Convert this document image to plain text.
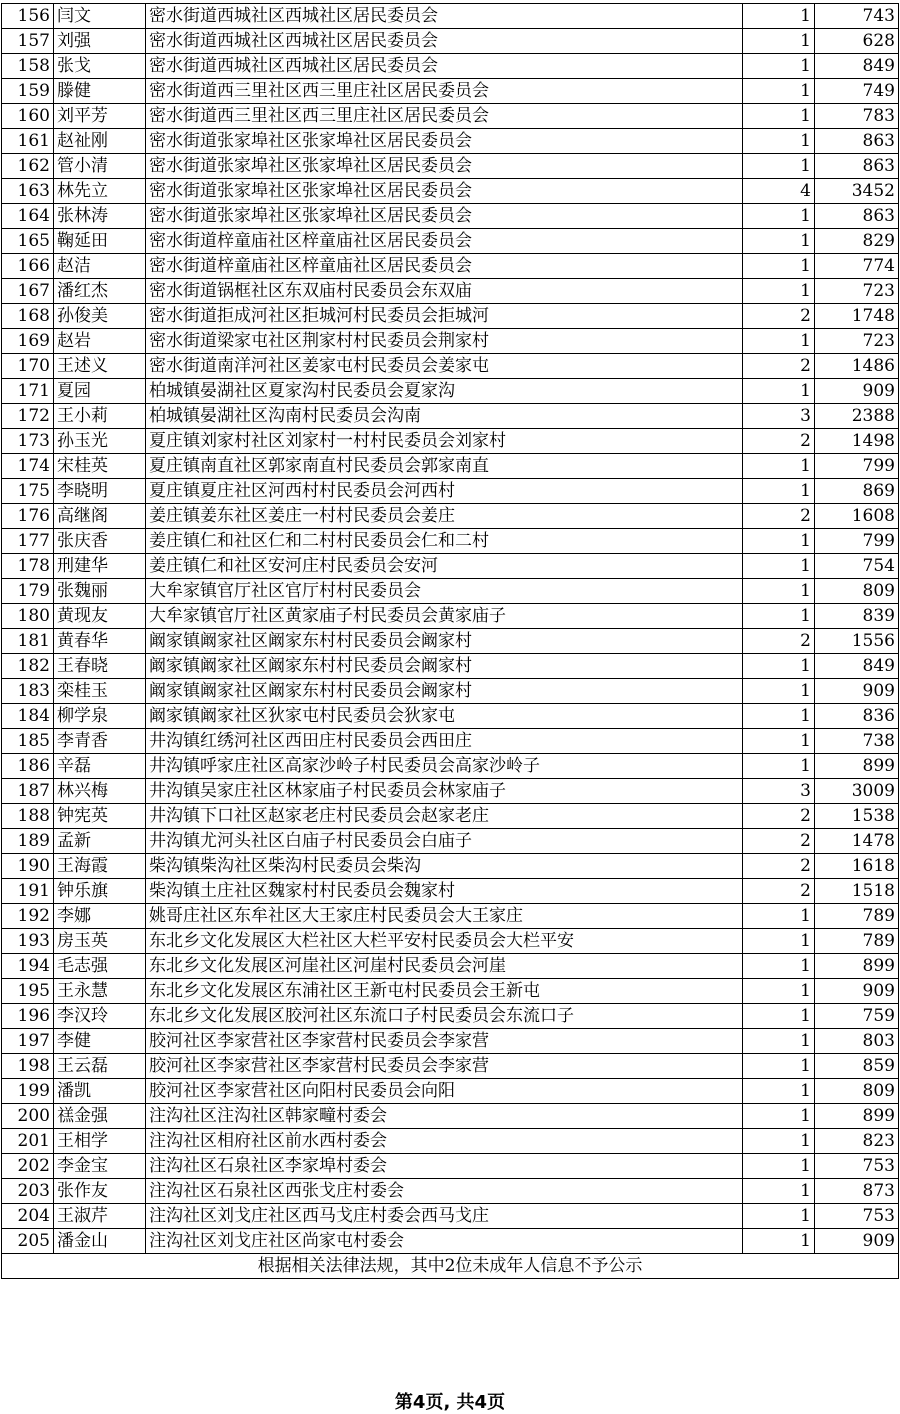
156	闫文	密水街道西城社区西城社区居民委员会	1	743
157	刘强	密水街道西城社区西城社区居民委员会	1	628
158	张戈	密水街道西城社区西城社区居民委员会	1	849
159	滕健	密水街道西三里社区西三里庄社区居民委员会	1	749
160	刘平芳	密水街道西三里社区西三里庄社区居民委员会	1	783
161	赵祉刚	密水街道张家埠社区张家埠社区居民委员会	1	863
162	管小清	密水街道张家埠社区张家埠社区居民委员会	1	863
163	林先立	密水街道张家埠社区张家埠社区居民委员会	4	3452
164	张林涛	密水街道张家埠社区张家埠社区居民委员会	1	863
165	鞠延田	密水街道梓童庙社区梓童庙社区居民委员会	1	829
166	赵洁	密水街道梓童庙社区梓童庙社区居民委员会	1	774
167	潘红杰	密水街道锅框社区东双庙村民委员会东双庙	1	723
168	孙俊美	密水街道拒成河社区拒城河村民委员会拒城河	2	1748
169	赵岩	密水街道梁家屯社区荆家村村民委员会荆家村	1	723
170	王述义	密水街道南洋河社区姜家屯村民委员会姜家屯	2	1486
171	夏园	柏城镇晏湖社区夏家沟村民委员会夏家沟	1	909
172	王小莉	柏城镇晏湖社区沟南村民委员会沟南	3	2388
173	孙玉光	夏庄镇刘家村社区刘家村一村村民委员会刘家村	2	1498
174	宋桂英	夏庄镇南直社区郭家南直村民委员会郭家南直	1	799
175	李晓明	夏庄镇夏庄社区河西村村民委员会河西村	1	869
176	高继阁	姜庄镇姜东社区姜庄一村村民委员会姜庄	2	1608
177	张庆香	姜庄镇仁和社区仁和二村村民委员会仁和二村	1	799
178	刑建华	姜庄镇仁和社区安河庄村民委员会安河	1	754
179	张魏丽	大牟家镇官厅社区官厅村村民委员会	1	809
180	黄现友	大牟家镇官厅社区黄家庙子村民委员会黄家庙子	1	839
181	黄春华	阚家镇阚家社区阚家东村村民委员会阚家村	2	1556
182	王春晓	阚家镇阚家社区阚家东村村民委员会阚家村	1	849
183	栾桂玉	阚家镇阚家社区阚家东村村民委员会阚家村	1	909
184	柳学泉	阚家镇阚家社区狄家屯村民委员会狄家屯	1	836
185	李青香	井沟镇红绣河社区西田庄村民委员会西田庄	1	738
186	辛磊	井沟镇呼家庄社区高家沙岭子村民委员会高家沙岭子	1	899
187	林兴梅	井沟镇吴家庄社区林家庙子村民委员会林家庙子	3	3009
188	钟宪英	井沟镇下口社区赵家老庄村民委员会赵家老庄	2	1538
189	孟新	井沟镇尤河头社区白庙子村民委员会白庙子	2	1478
190	王海霞	柴沟镇柴沟社区柴沟村民委员会柴沟	2	1618
191	钟乐旗	柴沟镇土庄社区魏家村村民委员会魏家村	2	1518
192	李娜	姚哥庄社区东牟社区大王家庄村民委员会大王家庄	1	789
193	房玉英	东北乡文化发展区大栏社区大栏平安村民委员会大栏平安	1	789
194	毛志强	东北乡文化发展区河崖社区河崖村民委员会河崖	1	899
195	王永慧	东北乡文化发展区东浦社区王新屯村民委员会王新屯	1	909
196	李汉玲	东北乡文化发展区胶河社区东流口子村民委员会东流口子	1	759
197	李健	胶河社区李家营社区李家营村民委员会李家营	1	803
198	王云磊	胶河社区李家营社区李家营村民委员会李家营	1	859
199	潘凯	胶河社区李家营社区向阳村民委员会向阳	1	809
200	禚金强	注沟社区注沟社区韩家疃村委会	1	899
201	王相学	注沟社区相府社区前水西村委会	1	823
202	李金宝	注沟社区石泉社区李家埠村委会	1	753
203	张作友	注沟社区石泉社区西张戈庄村委会	1	873
204	王淑芹	注沟社区刘戈庄社区西马戈庄村委会西马戈庄	1	753
205	潘金山	注沟社区刘戈庄社区尚家屯村委会	1	909
根据相关法律法规，其中2位未成年人信息不予公示				
第4页, 共4页
